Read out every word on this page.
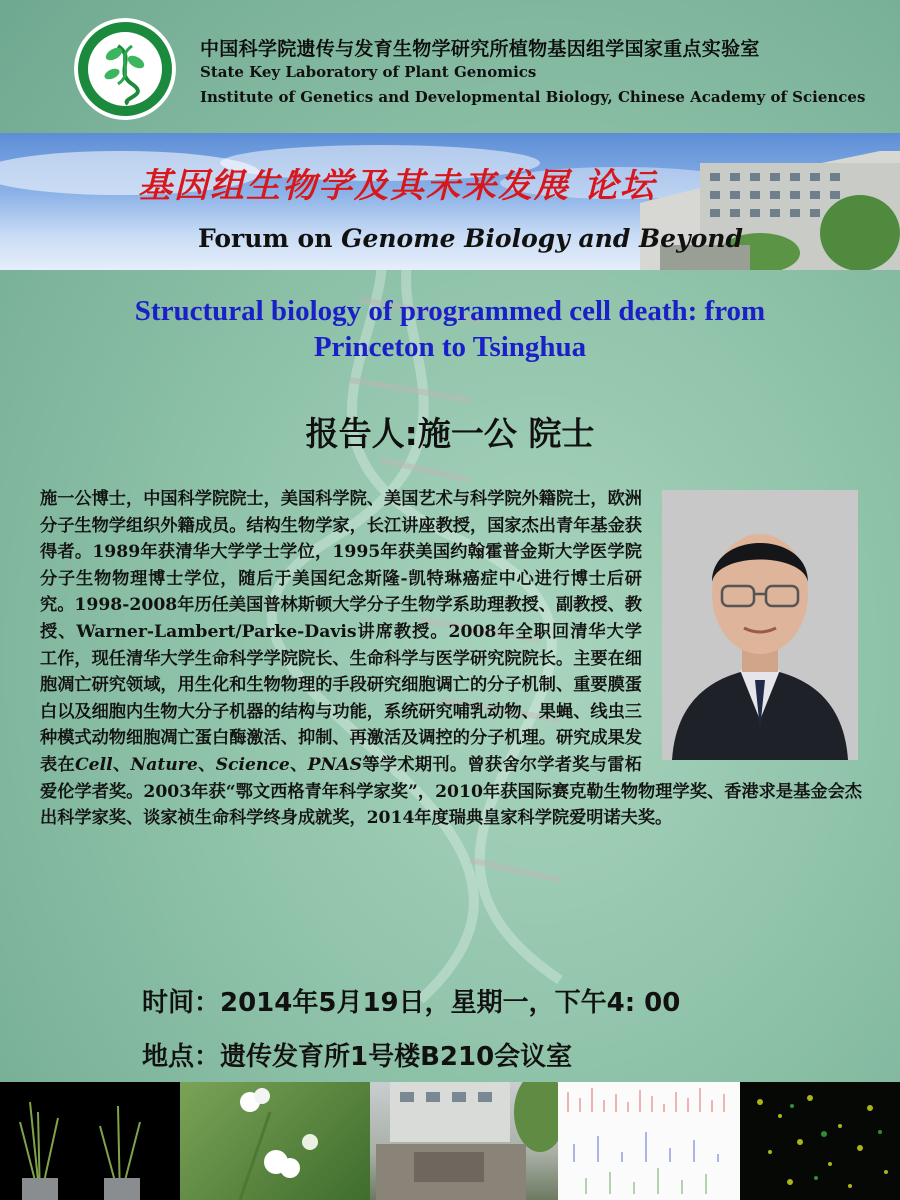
中国科学院遗传与发育生物学研究所植物基因组学国家重点实验室
State Key Laboratory of Plant Genomics
Institute of Genetics and Developmental Biology, Chinese Academy of Sciences
基因组生物学及其未来发展 论坛
Forum on Genome Biology and Beyond
Structural biology of programmed cell death: from
Princeton to Tsinghua
报告人:施一公 院士

施一公博士，中国科学院院士，美国科学院、美国艺术与科学院外籍院士，欧洲分子生物学组织外籍成员。结构生物学家，长江讲座教授，国家杰出青年基金获得者。1989年获清华大学学士学位，1995年获美国约翰霍普金斯大学医学院分子生物物理博士学位，随后于美国纪念斯隆-凯特琳癌症中心进行博士后研究。1998-2008年历任美国普林斯顿大学分子生物学系助理教授、副教授、教授、Warner-Lambert/Parke-Davis讲席教授。2008年全职回清华大学工作，现任清华大学生命科学学院院长、生命科学与医学研究院院长。主要在细胞凋亡研究领域，用生化和生物物理的手段研究细胞调亡的分子机制、重要膜蛋白以及细胞内生物大分子机器的结构与功能，系统研究哺乳动物、果蝇、线虫三种模式动物细胞凋亡蛋白酶激活、抑制、再激活及调控的分子机理。研究成果发表在Cell、Nature、Science、PNAS等学术期刊。曾获舍尔学者奖与雷柘爱伦学者奖。2003年获“鄂文西格青年科学家奖”，2010年获国际赛克勒生物物理学奖、香港求是基金会杰出科学家奖、谈家祯生命科学终身成就奖，2014年度瑞典皇家科学院爱明诺夫奖。

时间：2014年5月19日，星期一，下午4: 00
地点：遗传发育所1号楼B210会议室
